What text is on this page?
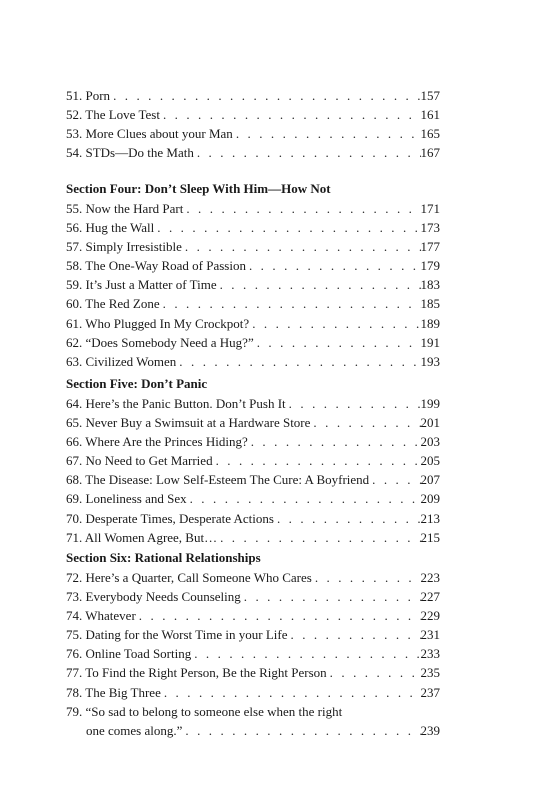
51. Porn . . .	157
52. The Love Test . . .	161
53. More Clues about your Man . . .	165
54. STDs—Do the Math . . .	167
Section Four: Don’t Sleep With Him—How Not
55. Now the Hard Part . . .	171
56. Hug the Wall . . .	173
57. Simply Irresistible . . .	177
58. The One-Way Road of Passion . . .	179
59. It’s Just a Matter of Time . . .	183
60. The Red Zone . . .	185
61. Who Plugged In My Crockpot? . . .	189
62. “Does Somebody Need a Hug?” . . .	191
63. Civilized Women . . .	193
Section Five: Don’t Panic
64. Here’s the Panic Button. Don’t Push It . . .	199
65. Never Buy a Swimsuit at a Hardware Store . . .	201
66. Where Are the Princes Hiding? . . .	203
67. No Need to Get Married . . .	205
68. The Disease: Low Self-Esteem The Cure: A Boyfriend . . .	207
69. Loneliness and Sex . . .	209
70. Desperate Times, Desperate Actions . . .	213
71. All Women Agree, But… . . .	215
Section Six: Rational Relationships
72. Here’s a Quarter, Call Someone Who Cares . . .	223
73. Everybody Needs Counseling . . .	227
74. Whatever . . .	229
75. Dating for the Worst Time in your Life . . .	231
76. Online Toad Sorting . . .	233
77. To Find the Right Person, Be the Right Person . . .	235
78. The Big Three . . .	237
79. “So sad to belong to someone else when the right
one comes along.” . . .	239
